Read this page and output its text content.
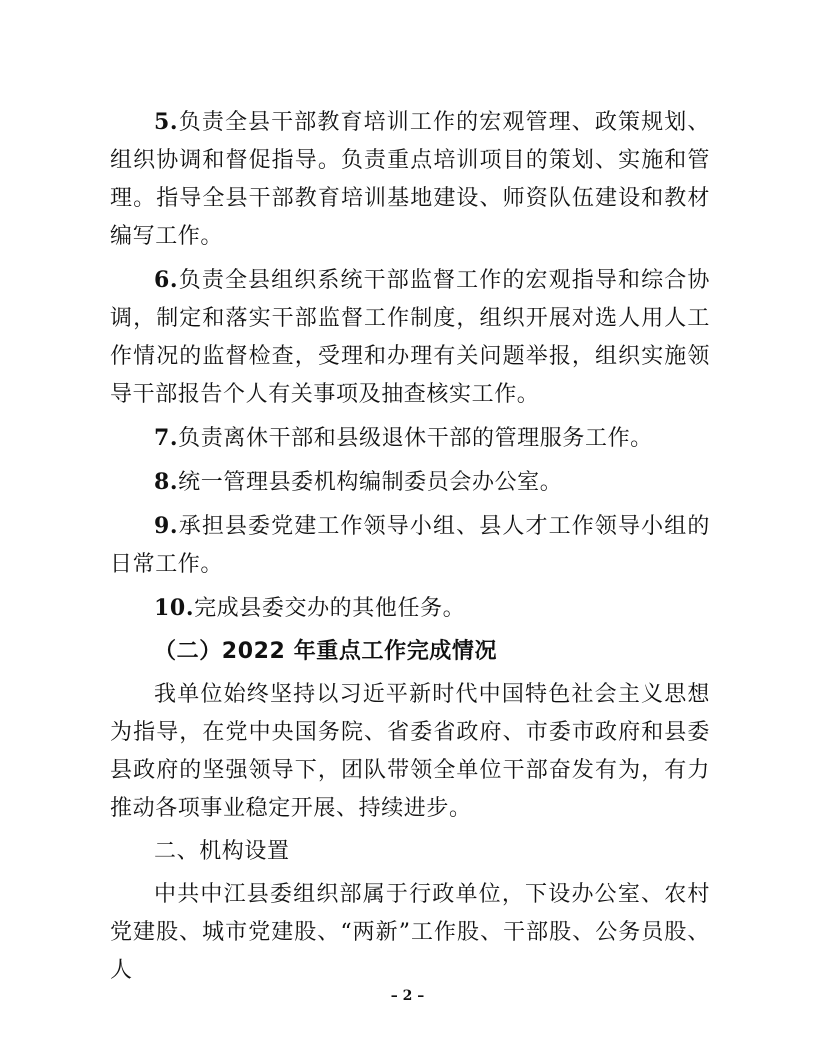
5.负责全县干部教育培训工作的宏观管理、政策规划、组织协调和督促指导。负责重点培训项目的策划、实施和管理。指导全县干部教育培训基地建设、师资队伍建设和教材编写工作。

6.负责全县组织系统干部监督工作的宏观指导和综合协调，制定和落实干部监督工作制度，组织开展对选人用人工作情况的监督检查，受理和办理有关问题举报，组织实施领导干部报告个人有关事项及抽查核实工作。

7.负责离休干部和县级退休干部的管理服务工作。

8.统一管理县委机构编制委员会办公室。

9.承担县委党建工作领导小组、县人才工作领导小组的日常工作。

10.完成县委交办的其他任务。

（二）2022 年重点工作完成情况

我单位始终坚持以习近平新时代中国特色社会主义思想为指导，在党中央国务院、省委省政府、市委市政府和县委县政府的坚强领导下，团队带领全单位干部奋发有为，有力推动各项事业稳定开展、持续进步。

二、机构设置

中共中江县委组织部属于行政单位，下设办公室、农村党建股、城市党建股、“两新”工作股、干部股、公务员股、人

– 2 –
